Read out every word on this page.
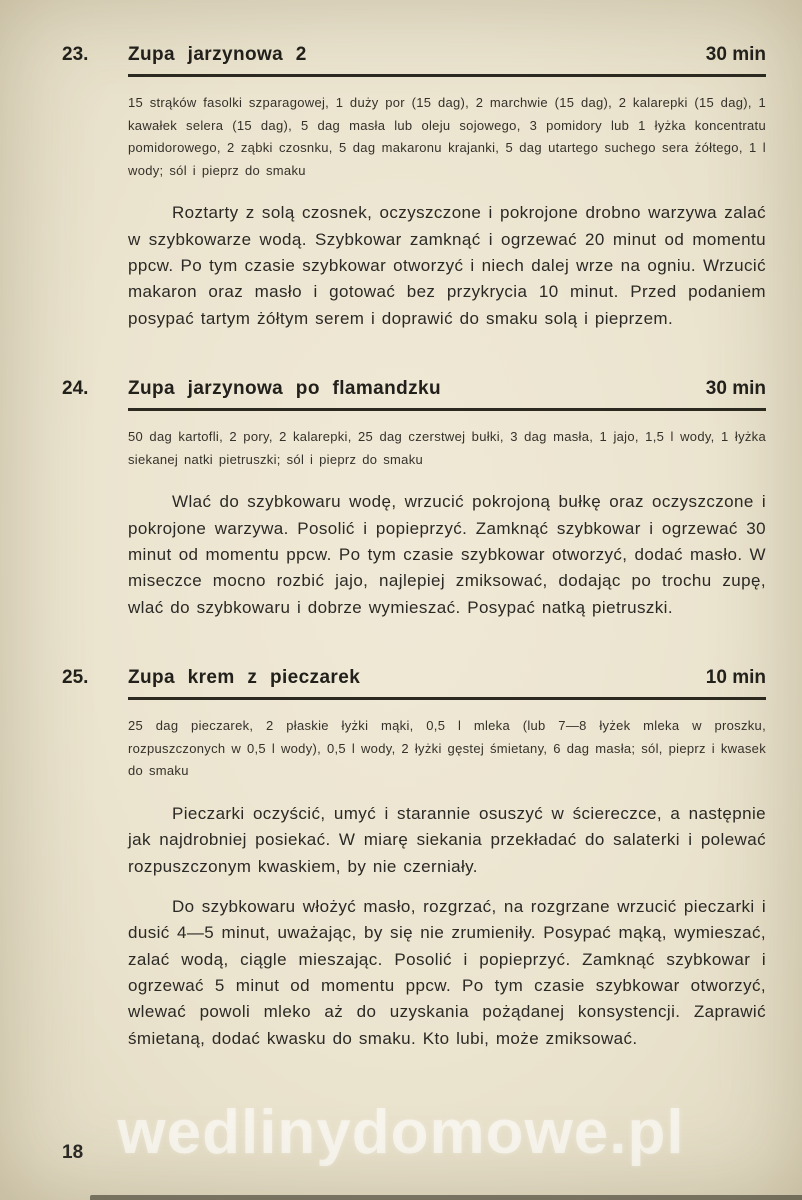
23.	Zupa jarzynowa 2	30 min

15 strąków fasolki szparagowej, 1 duży por (15 dag), 2 marchwie (15 dag), 2 kalarepki (15 dag), 1 kawałek selera (15 dag), 5 dag masła lub oleju sojowego, 3 pomidory lub 1 łyżka koncentratu pomidorowego, 2 ząbki czosnku, 5 dag makaronu krajanki, 5 dag utartego suchego sera żółtego, 1 l wody; sól i pieprz do smaku

Roztarty z solą czosnek, oczyszczone i pokrojone drobno warzywa zalać w szybkowarze wodą. Szybkowar zamknąć i ogrzewać 20 minut od momentu ppcw. Po tym czasie szybkowar otworzyć i niech dalej wrze na ogniu. Wrzucić makaron oraz masło i gotować bez przykrycia 10 minut. Przed podaniem posypać tartym żółtym serem i doprawić do smaku solą i pieprzem.

24.	Zupa jarzynowa po flamandzku	30 min

50 dag kartofli, 2 pory, 2 kalarepki, 25 dag czerstwej bułki, 3 dag masła, 1 jajo, 1,5 l wody, 1 łyżka siekanej natki pietruszki; sól i pieprz do smaku

Wlać do szybkowaru wodę, wrzucić pokrojoną bułkę oraz oczyszczone i pokrojone warzywa. Posolić i popieprzyć. Zamknąć szybkowar i ogrzewać 30 minut od momentu ppcw. Po tym czasie szybkowar otworzyć, dodać masło. W miseczce mocno rozbić jajo, najlepiej zmiksować, dodając po trochu zupę, wlać do szybkowaru i dobrze wymieszać. Posypać natką pietruszki.

25.	Zupa krem z pieczarek	10 min

25 dag pieczarek, 2 płaskie łyżki mąki, 0,5 l mleka (lub 7—8 łyżek mleka w proszku, rozpuszczonych w 0,5 l wody), 0,5 l wody, 2 łyżki gęstej śmietany, 6 dag masła; sól, pieprz i kwasek do smaku

Pieczarki oczyścić, umyć i starannie osuszyć w ściereczce, a następnie jak najdrobniej posiekać. W miarę siekania przekładać do salaterki i polewać rozpuszczonym kwaskiem, by nie czerniały.

Do szybkowaru włożyć masło, rozgrzać, na rozgrzane wrzucić pieczarki i dusić 4—5 minut, uważając, by się nie zrumieniły. Posypać mąką, wymieszać, zalać wodą, ciągle mieszając. Posolić i popieprzyć. Zamknąć szybkowar i ogrzewać 5 minut od momentu ppcw. Po tym czasie szybkowar otworzyć, wlewać powoli mleko aż do uzyskania pożądanej konsystencji. Zaprawić śmietaną, dodać kwasku do smaku. Kto lubi, może zmiksować.

wedlinydomowe.pl
18
